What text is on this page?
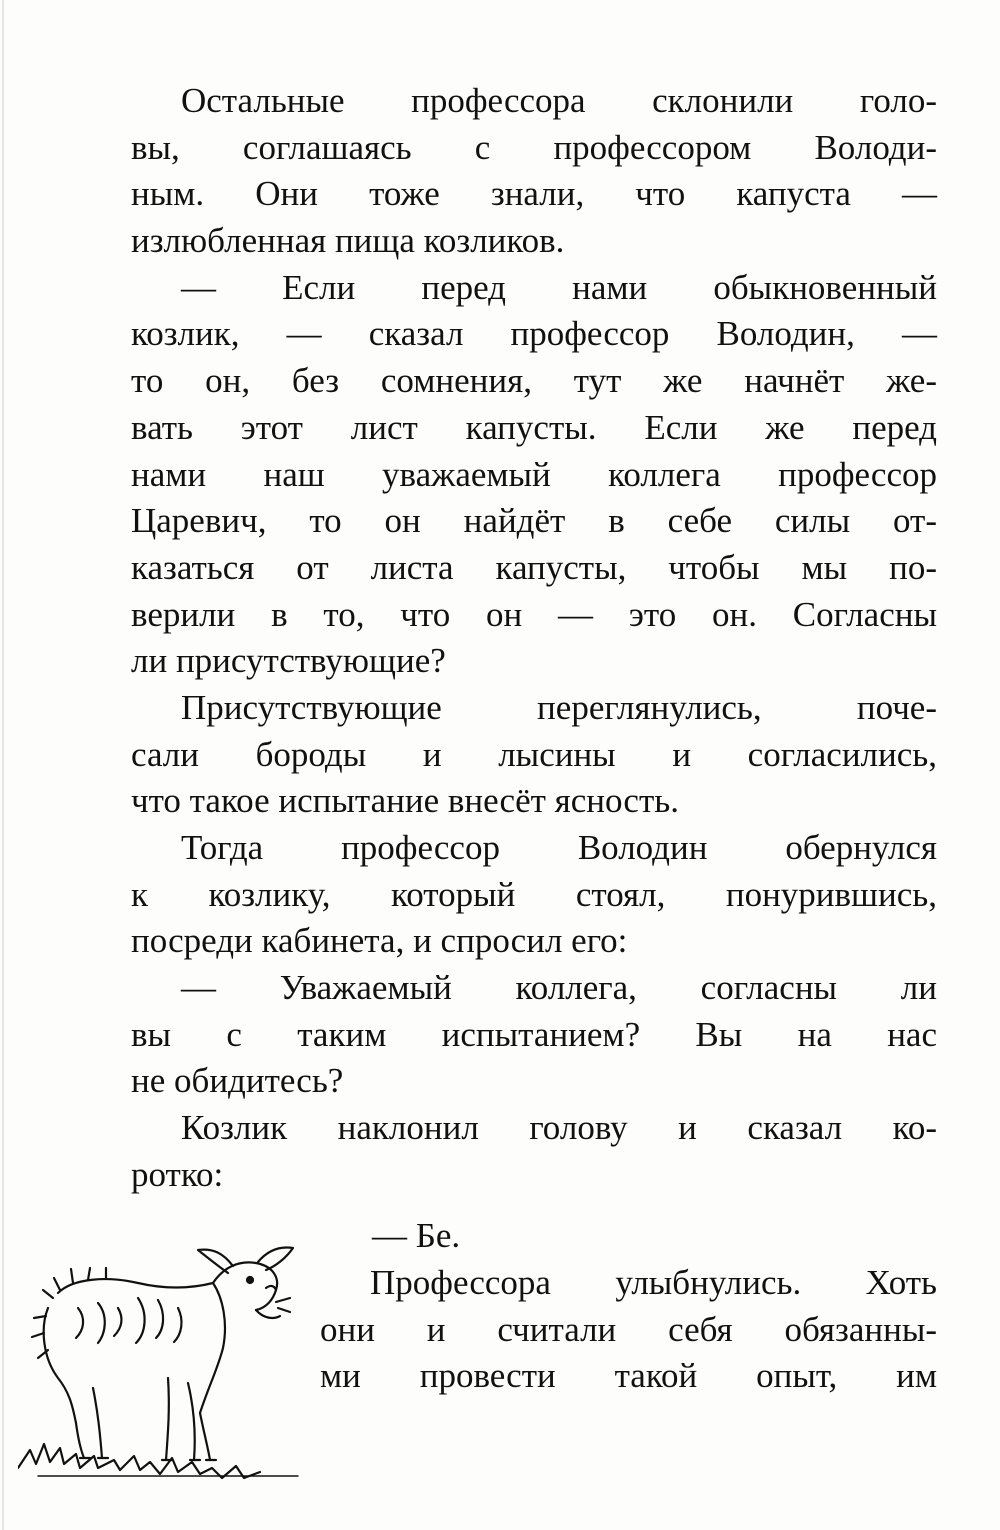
Остальные профессора склонили голо-
вы, соглашаясь с профессором Володи-
ным. Они тоже знали, что капуста —
излюбленная пища козликов.
— Если перед нами обыкновенный
козлик, — сказал профессор Володин, —
то он, без сомнения, тут же начнёт же-
вать этот лист капусты. Если же перед
нами наш уважаемый коллега профессор
Царевич, то он найдёт в себе силы от-
казаться от листа капусты, чтобы мы по-
верили в то, что он — это он. Согласны
ли присутствующие?
Присутствующие переглянулись, поче-
сали бороды и лысины и согласились,
что такое испытание внесёт ясность.
Тогда профессор Володин обернулся
к козлику, который стоял, понурившись,
посреди кабинета, и спросил его:
— Уважаемый коллега, согласны ли
вы с таким испытанием? Вы на нас
не обидитесь?
Козлик наклонил голову и сказал ко-
ротко:
— Бе.
Профессора улыбнулись. Хоть
они и считали себя обязанны-
ми провести такой опыт, им
